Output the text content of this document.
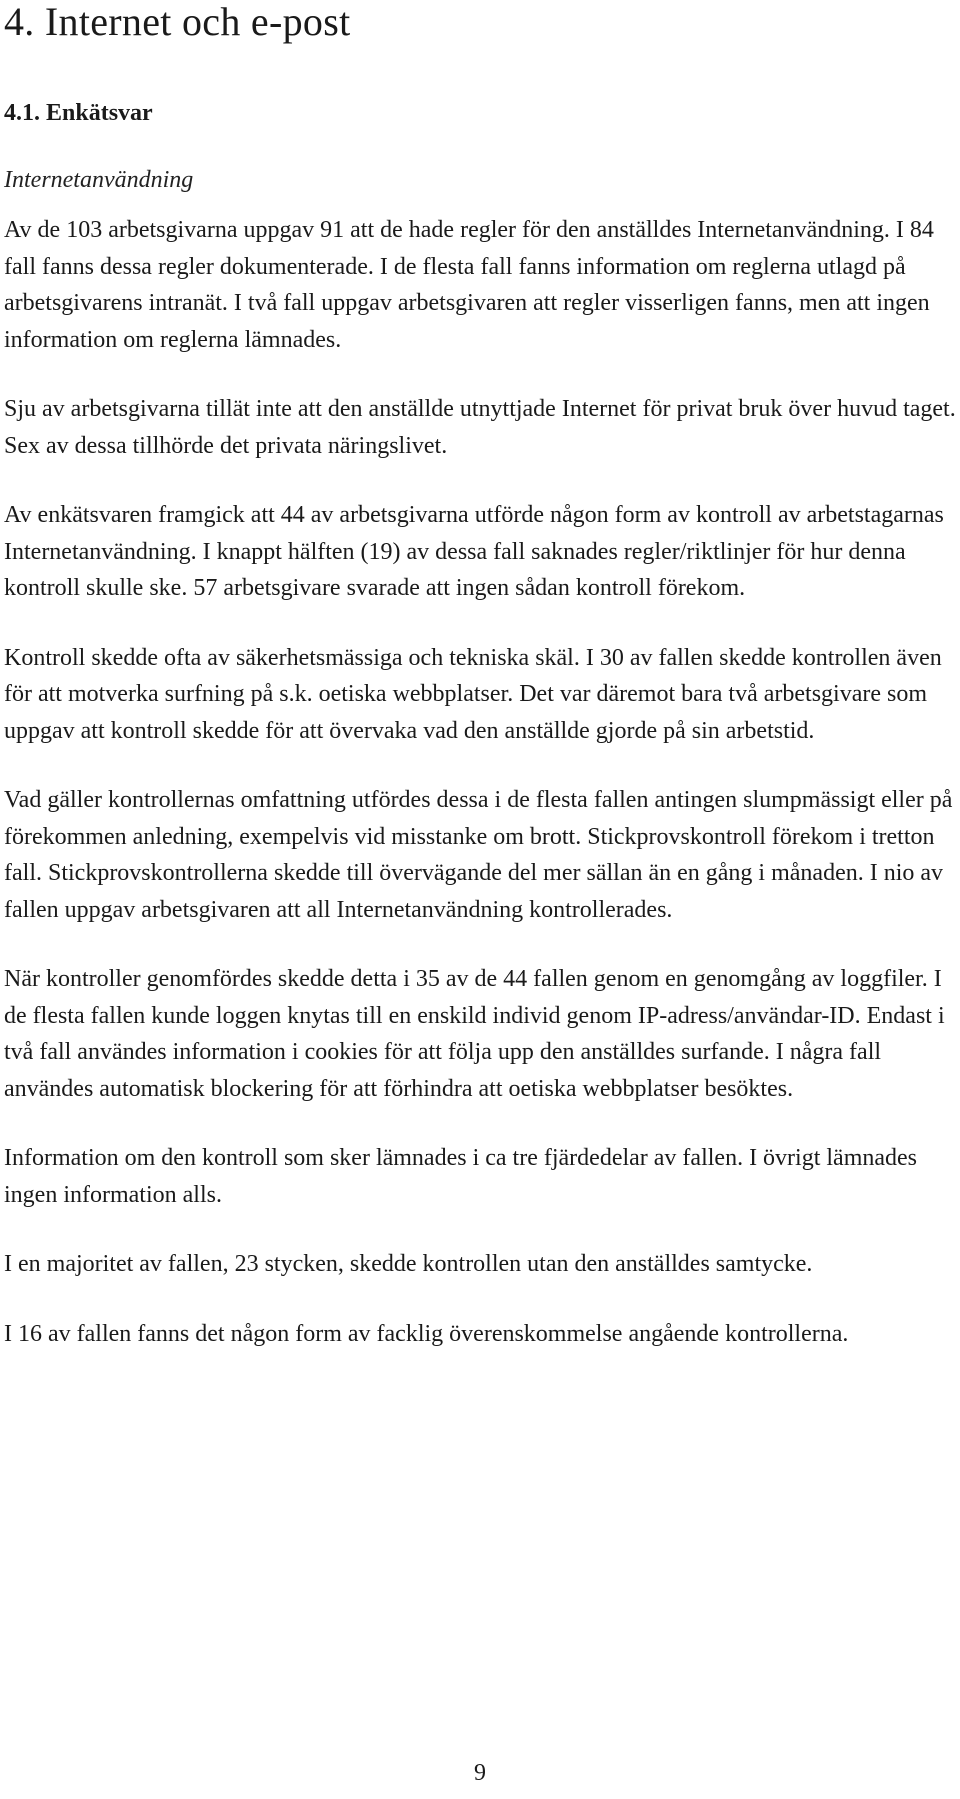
4. Internet och e-post
4.1. Enkätsvar
Internetanvändning

Av de 103 arbetsgivarna uppgav 91 att de hade regler för den anställdes Internetanvändning. I 84 fall fanns dessa regler dokumenterade. I de flesta fall fanns information om reglerna utlagd på arbetsgivarens intranät. I två fall uppgav arbetsgivaren att regler visserligen fanns, men att ingen information om reglerna lämnades.

Sju av arbetsgivarna tillät inte att den anställde utnyttjade Internet för privat bruk över huvud taget. Sex av dessa tillhörde det privata näringslivet.

Av enkätsvaren framgick att 44 av arbetsgivarna utförde någon form av kontroll av arbetstagarnas Internetanvändning. I knappt hälften (19) av dessa fall saknades regler/riktlinjer för hur denna kontroll skulle ske. 57 arbetsgivare svarade att ingen sådan kontroll förekom.

Kontroll skedde ofta av säkerhetsmässiga och tekniska skäl. I 30 av fallen skedde kontrollen även för att motverka surfning på s.k. oetiska webbplatser. Det var däremot bara två arbetsgivare som uppgav att kontroll skedde för att övervaka vad den anställde gjorde på sin arbetstid.

Vad gäller kontrollernas omfattning utfördes dessa i de flesta fallen antingen slumpmässigt eller på förekommen anledning, exempelvis vid misstanke om brott. Stickprovskontroll förekom i tretton fall. Stickprovskontrollerna skedde till övervägande del mer sällan än en gång i månaden. I nio av fallen uppgav arbetsgivaren att all Internetanvändning kontrollerades.

När kontroller genomfördes skedde detta i 35 av de 44 fallen genom en genomgång av loggfiler. I de flesta fallen kunde loggen knytas till en enskild individ genom IP-adress/användar-ID. Endast i två fall användes information i cookies för att följa upp den anställdes surfande. I några fall användes automatisk blockering för att förhindra att oetiska webbplatser besöktes.

Information om den kontroll som sker lämnades i ca tre fjärdedelar av fallen. I övrigt lämnades ingen information alls.

I en majoritet av fallen, 23 stycken, skedde kontrollen utan den anställdes samtycke.

I 16 av fallen fanns det någon form av facklig överenskommelse angående kontrollerna.

9
